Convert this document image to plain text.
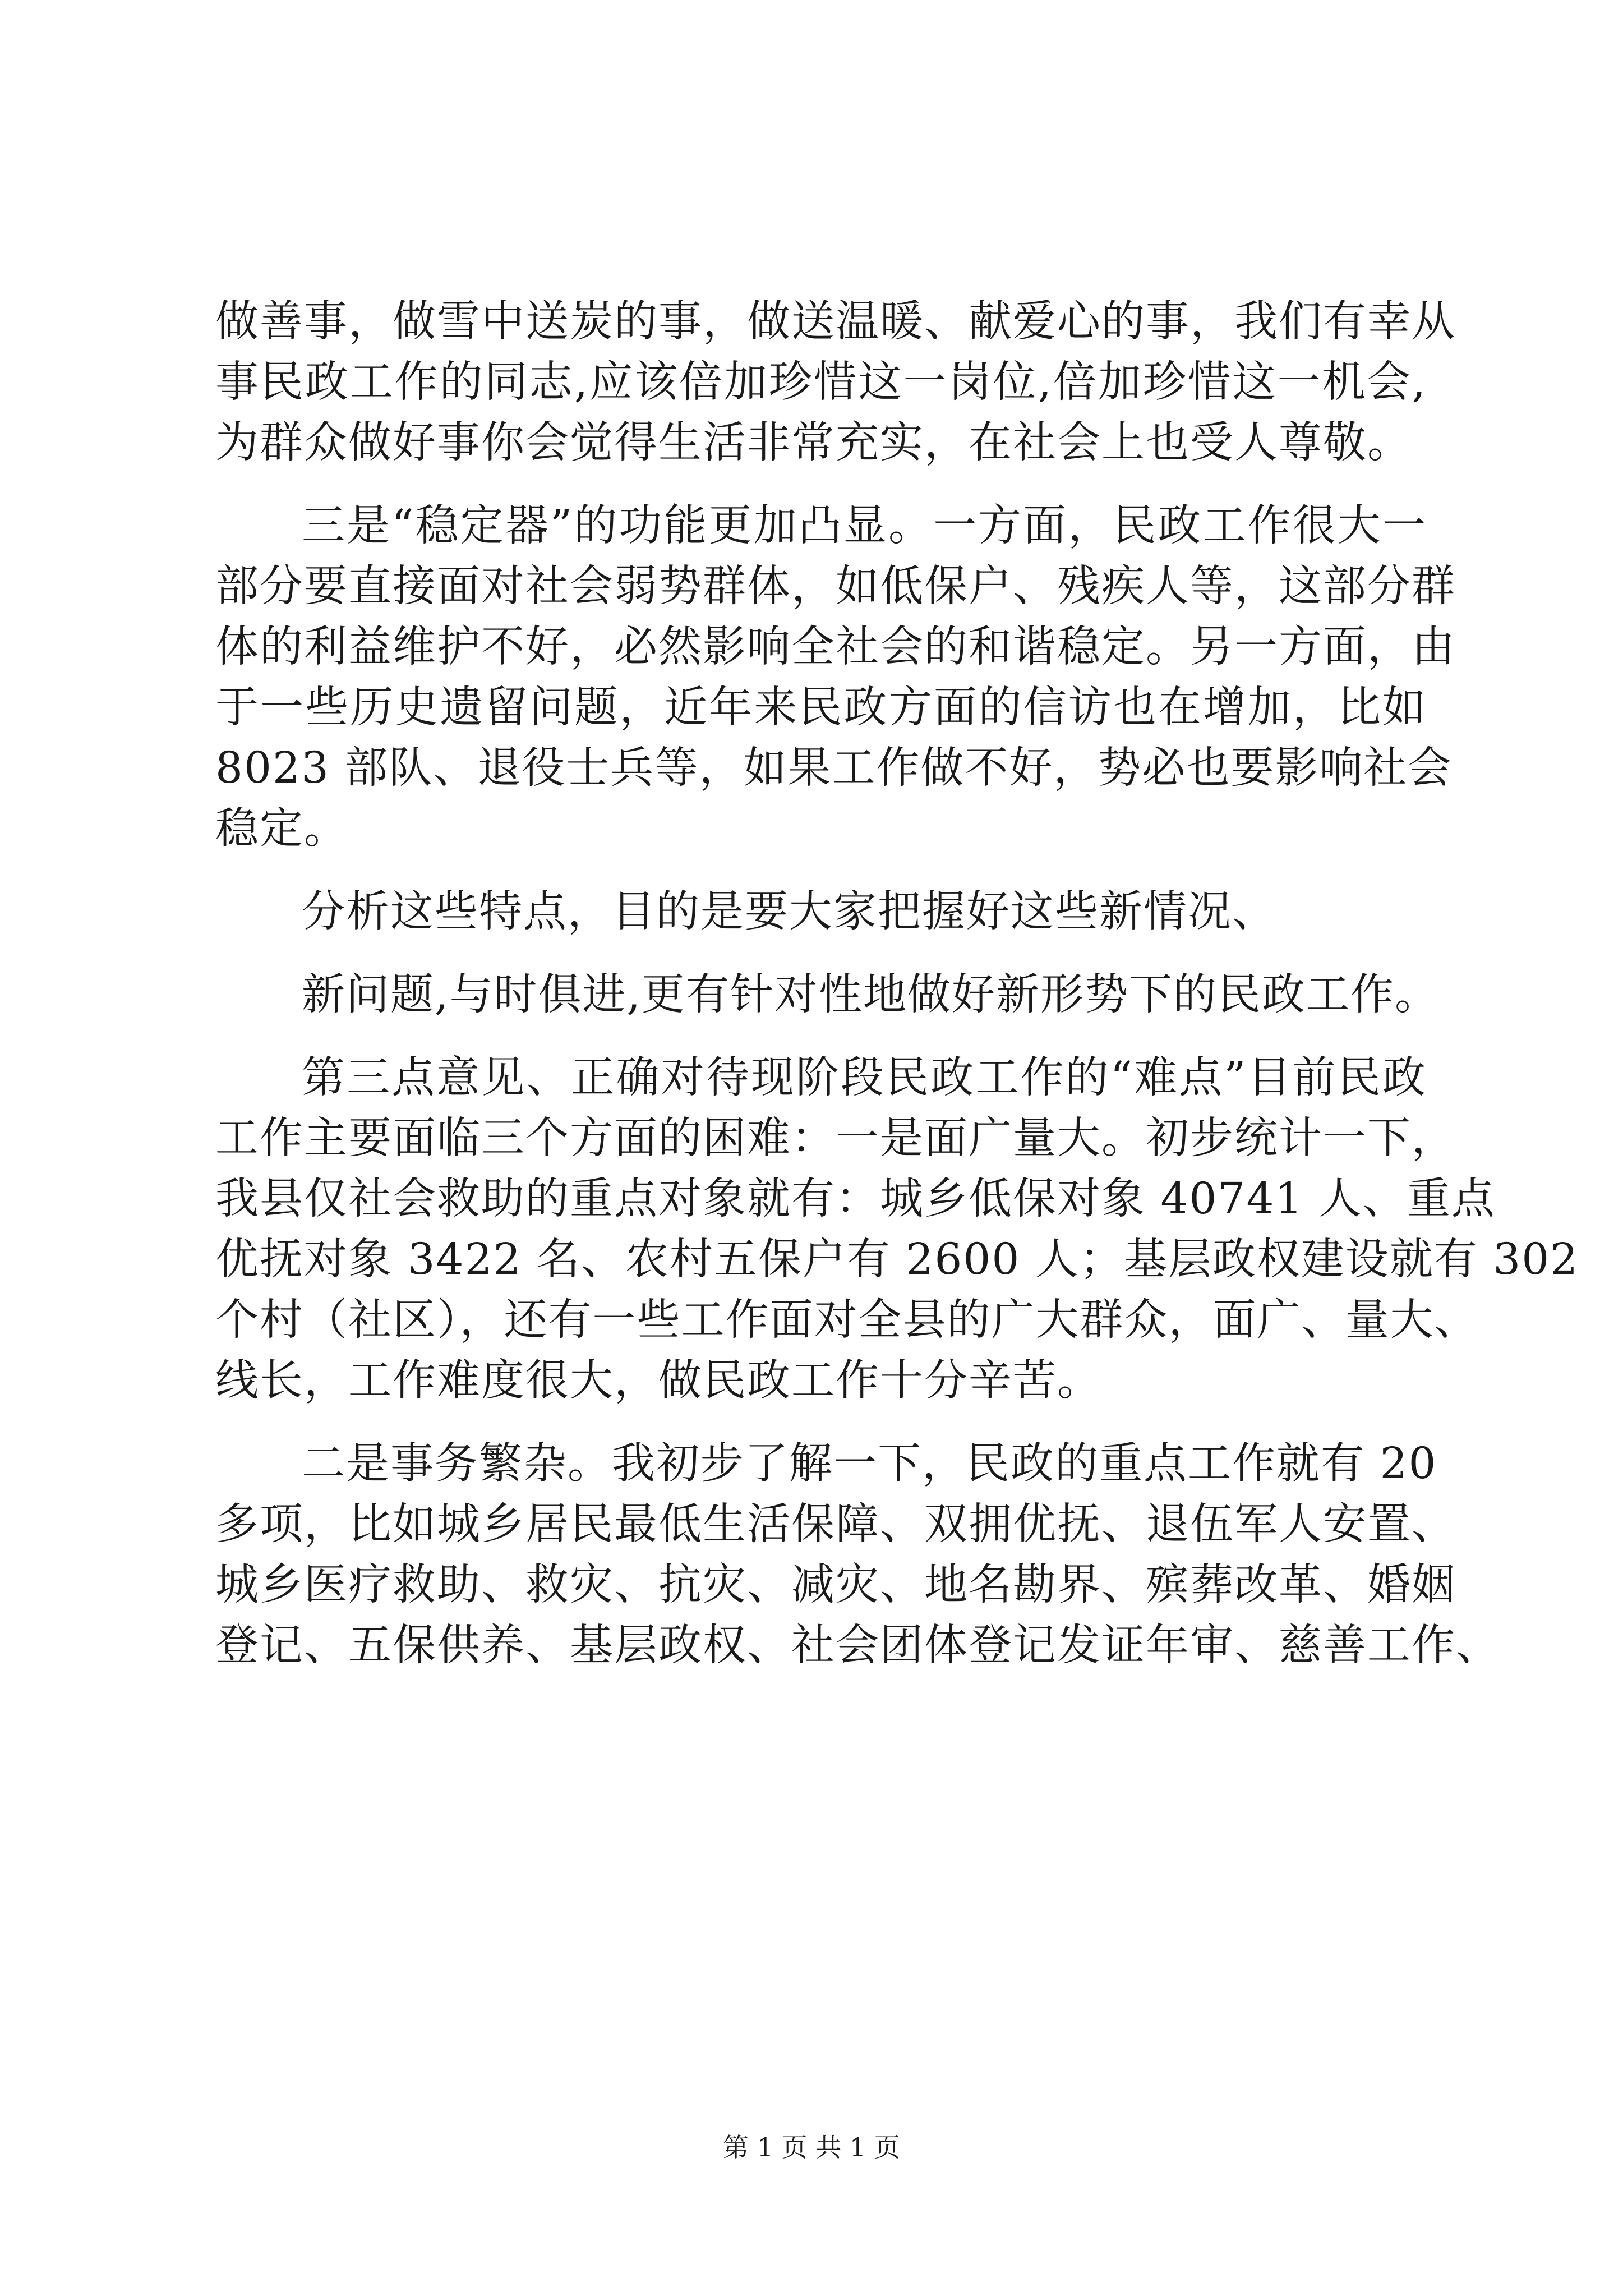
做善事，做雪中送炭的事，做送温暖、献爱心的事，我们有幸从
事民政工作的同志,应该倍加珍惜这一岗位,倍加珍惜这一机会,
为群众做好事你会觉得生活非常充实，在社会上也受人尊敬。
三是“稳定器”的功能更加凸显。一方面，民政工作很大一
部分要直接面对社会弱势群体，如低保户、残疾人等，这部分群
体的利益维护不好，必然影响全社会的和谐稳定。另一方面，由
于一些历史遗留问题，近年来民政方面的信访也在增加，比如
8023 部队、退役士兵等，如果工作做不好，势必也要影响社会
稳定。
分析这些特点，目的是要大家把握好这些新情况、
新问题,与时俱进,更有针对性地做好新形势下的民政工作。
第三点意见、正确对待现阶段民政工作的“难点”目前民政
工作主要面临三个方面的困难：一是面广量大。初步统计一下，
我县仅社会救助的重点对象就有：城乡低保对象 40741 人、重点
优抚对象 3422 名、农村五保户有 2600 人；基层政权建设就有 302
个村（社区），还有一些工作面对全县的广大群众，面广、量大、
线长，工作难度很大，做民政工作十分辛苦。
二是事务繁杂。我初步了解一下，民政的重点工作就有 20
多项，比如城乡居民最低生活保障、双拥优抚、退伍军人安置、
城乡医疗救助、救灾、抗灾、减灾、地名勘界、殡葬改革、婚姻
登记、五保供养、基层政权、社会团体登记发证年审、慈善工作、
第 1 页 共 1 页
